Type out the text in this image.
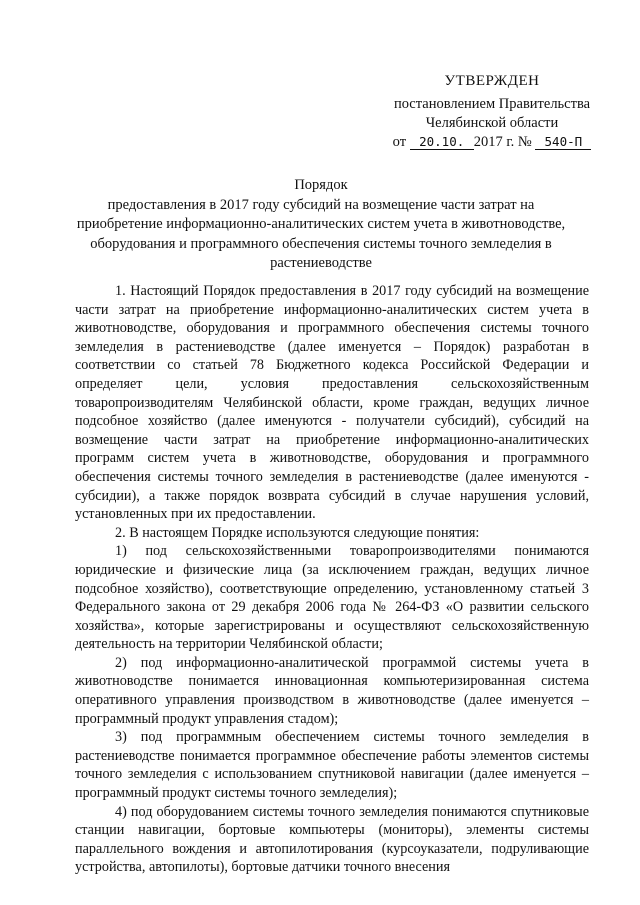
УТВЕРЖДЕН
постановлением Правительства
Челябинской области
от 20.10. 2017 г. № 540-П
Порядок
предоставления в 2017 году субсидий на возмещение части затрат на приобретение информационно-аналитических систем учета в животноводстве, оборудования и программного обеспечения системы точного земледелия в растениеводстве

1. Настоящий Порядок предоставления в 2017 году субсидий на возмещение части затрат на приобретение информационно-аналитических систем учета в животноводстве, оборудования и программного обеспечения системы точного земледелия в растениеводстве (далее именуется – Порядок) разработан в соответствии со статьей 78 Бюджетного кодекса Российской Федерации и определяет цели, условия предоставления сельскохозяйственным товаропроизводителям Челябинской области, кроме граждан, ведущих личное подсобное хозяйство (далее именуются - получатели субсидий), субсидий на возмещение части затрат на приобретение информационно-аналитических программ систем учета в животноводстве, оборудования и программного обеспечения системы точного земледелия в растениеводстве (далее именуются - субсидии), а также порядок возврата субсидий в случае нарушения условий, установленных при их предоставлении.

2. В настоящем Порядке используются следующие понятия:

1) под сельскохозяйственными товаропроизводителями понимаются юридические и физические лица (за исключением граждан, ведущих личное подсобное хозяйство), соответствующие определению, установленному статьей 3 Федерального закона от 29 декабря 2006 года № 264-ФЗ «О развитии сельского хозяйства», которые зарегистрированы и осуществляют сельскохозяйственную деятельность на территории Челябинской области;

2) под информационно-аналитической программой системы учета в животноводстве понимается инновационная компьютеризированная система оперативного управления производством в животноводстве (далее именуется – программный продукт управления стадом);

3) под программным обеспечением системы точного земледелия в растениеводстве понимается программное обеспечение работы элементов системы точного земледелия с использованием спутниковой навигации (далее именуется – программный продукт системы точного земледелия);

4) под оборудованием системы точного земледелия понимаются спутниковые станции навигации, бортовые компьютеры (мониторы), элементы системы параллельного вождения и автопилотирования (курсоуказатели, подруливающие устройства, автопилоты), бортовые датчики точного внесения
